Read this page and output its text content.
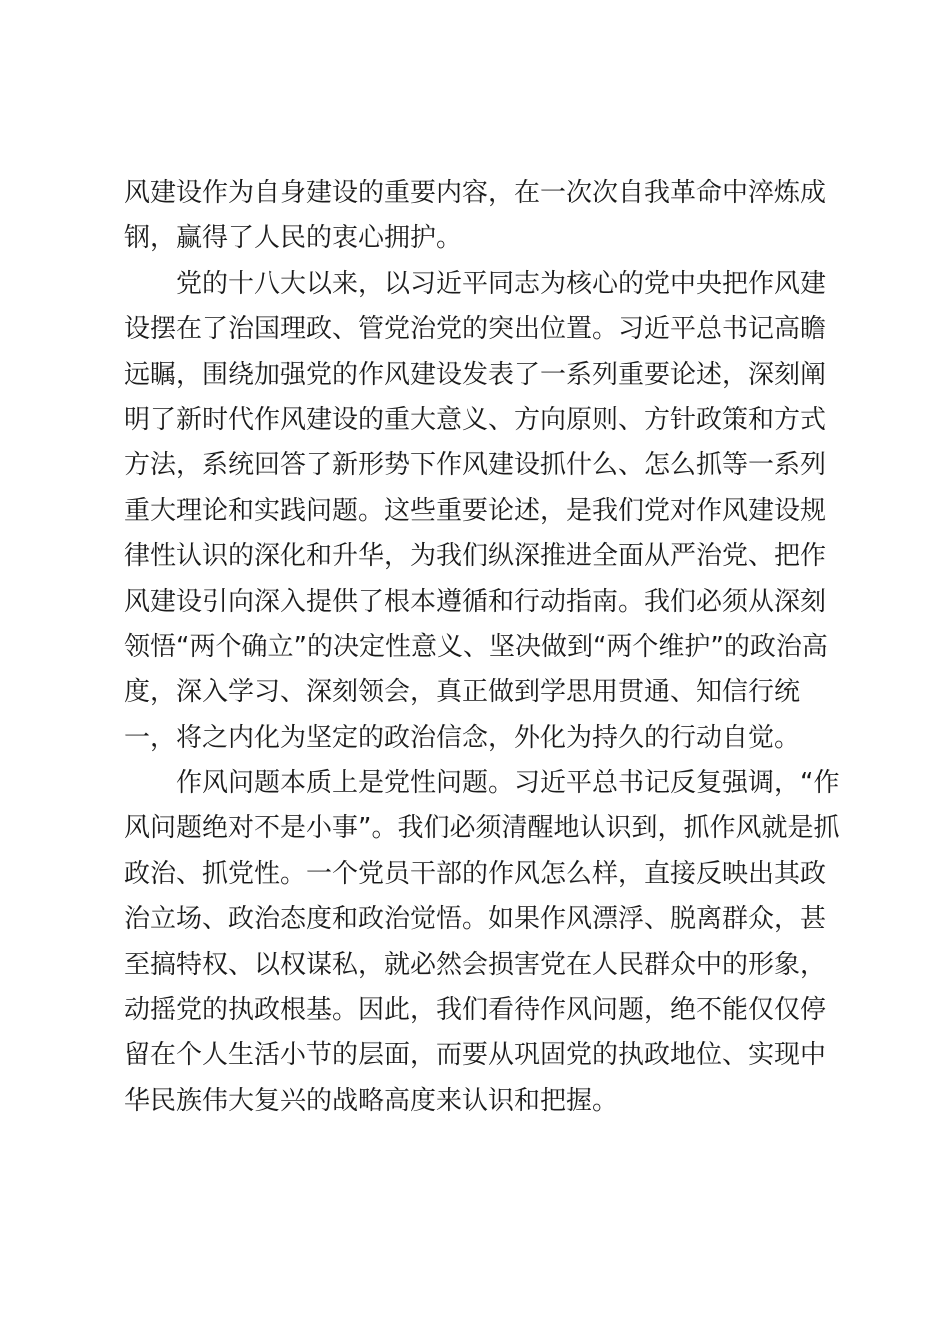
风建设作为自身建设的重要内容，在一次次自我革命中淬炼成
钢，赢得了人民的衷心拥护。
　　党的十八大以来，以习近平同志为核心的党中央把作风建
设摆在了治国理政、管党治党的突出位置。习近平总书记高瞻
远瞩，围绕加强党的作风建设发表了一系列重要论述，深刻阐
明了新时代作风建设的重大意义、方向原则、方针政策和方式
方法，系统回答了新形势下作风建设抓什么、怎么抓等一系列
重大理论和实践问题。这些重要论述，是我们党对作风建设规
律性认识的深化和升华，为我们纵深推进全面从严治党、把作
风建设引向深入提供了根本遵循和行动指南。我们必须从深刻
领悟“两个确立”的决定性意义、坚决做到“两个维护”的政治高
度，深入学习、深刻领会，真正做到学思用贯通、知信行统
一，将之内化为坚定的政治信念，外化为持久的行动自觉。
　　作风问题本质上是党性问题。习近平总书记反复强调，“作
风问题绝对不是小事”。我们必须清醒地认识到，抓作风就是抓
政治、抓党性。一个党员干部的作风怎么样，直接反映出其政
治立场、政治态度和政治觉悟。如果作风漂浮、脱离群众，甚
至搞特权、以权谋私，就必然会损害党在人民群众中的形象，
动摇党的执政根基。因此，我们看待作风问题，绝不能仅仅停
留在个人生活小节的层面，而要从巩固党的执政地位、实现中
华民族伟大复兴的战略高度来认识和把握。
